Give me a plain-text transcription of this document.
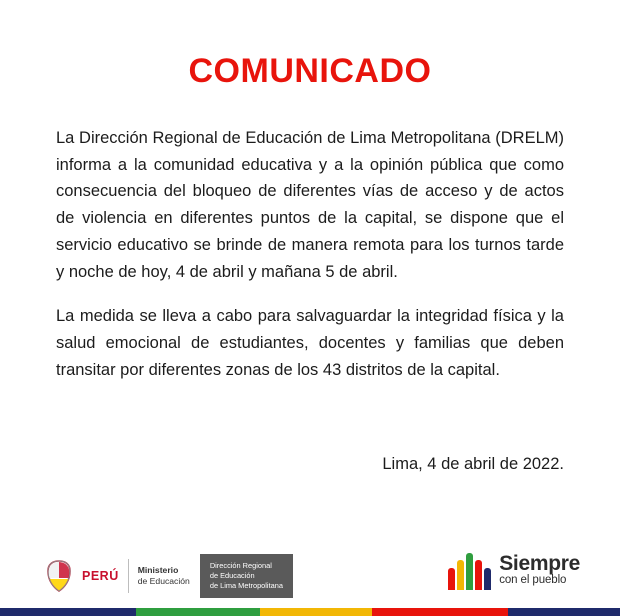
COMUNICADO

La Dirección Regional de Educación de Lima Metropolitana (DRELM) informa a la comunidad educativa y a la opinión pública que como consecuencia del bloqueo de diferentes vías de acceso y de actos de violencia en diferentes puntos de la capital, se dispone que el servicio educativo se brinde de manera remota para los turnos tarde y noche de hoy, 4 de abril y mañana 5 de abril.

La medida se lleva a cabo para salvaguardar la integridad física y la salud emocional de estudiantes, docentes y familias que deben transitar por diferentes zonas de los 43 distritos de la capital.

Lima, 4 de abril de 2022.

PERÚ	Ministerio
de Educación
Dirección Regional
de Educación
de Lima Metropolitana
Siempre
con el pueblo
